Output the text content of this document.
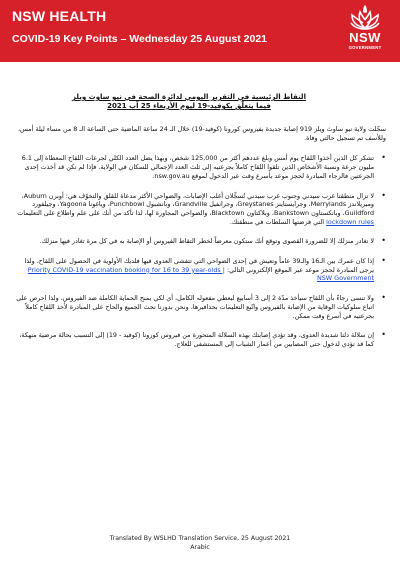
NSW HEALTH
COVID-19 Key Points – Wednesday 25 August 2021	NSW
GOVERNMENT
النقاط الرئيسية في التقرير اليومي لدائرة الصحة في نيو ساوث ويلز
فيما يتعلّق بكوفيد-19 ليوم الأربعاء 25 آب 2021

سجّلت ولاية نيو ساوث ويلز 919 إصابة جديدة بفيروس كورونا (كوفيد-19) خلال الـ 24 ساعة الماضية حتى الساعة الـ 8 من مساء ليلة أمس، وللأسف تم تسجيل حالتي وفاة.

• تشكر كل الذين أخذوا اللقاح يوم أمس وبلغ عددهم أكثر من 125,000 شخص، وبهذا يصل العدد الكلي لجرعات اللقاح المعطاة إلى 6.1 مليون جرعة ونسبة الأشخاص الذين تلقوا اللقاح كاملاً بجرعتيه إلى ثلث العدد الإجمالي للسكان في الولاية. فإذا لم تكن قد أخذت إحدى الجرعتين فالرجاء المبادرة لحجز موعد بأسرع وقت عبر الدخول لموقع nsw.gov.au.
• لا تزال منطقتا غرب سيدني وجنوب غرب سيدني تُسجِّلان أغلب الإصابات، والضواحي الأكثر مدعاة للقلق والتخوّف هي: أوبرن Auburn، وميريلاندز Merrylands، وجرايستاينز Greystanes، وجرانفيل Grandville، وبانشبول Punchbowl، وياغونا Yagoona، وجيلفورد Guildford، وبانكستاون Bankstown، وبلاكتاون Blacktown، والضواحي المجاورة لها، لذا تأكد من أنك على علم واطلاع على التعليمات lockdown rules التي فرضتها السلطات في منطقتك.
• لا تغادر منزلك إلا للضرورة القصوى وتوقع أنك ستكون معرضاً لخطر التقاط الفيروس أو الإصابة به في كل مرة تغادر فيها منزلك.
• إذا كان عمرك بين الـ16 والـ39 عاماً وتعيش في إحدى الضواحي التي تتفشى العدوى فيها فلديك الأولوية في الحصول على اللقاح، ولذا يرجى المبادرة لحجز موعد عبر الموقع الإلكتروني التالي: Priority COVID-19 vaccination booking for 16 to 39 year-olds | NSW Government
• ولا تنسى رجاءً بأن اللقاح سيأخذ مدّة 2 إلى 3 أسابيع ليعطي مفعوله الكامل، أي لكي يمنح الحماية الكاملة ضد الفيروس، ولذا احرص على اتباع سلوكيات الوقاية من الإصابة بالفيروس واتّبع التعليمات بحذافيرها، ونحن بدورنا نحث الجميع والحاح على المبادرة لأخذ اللقاح كاملاً بجرعتيه في أسرع وقت ممكن.
• إن سلالة دلتا شديدة العدوى، وقد تؤدي إصابتك بهذه السلالة المتحورة من فيروس كورونا (كوفيد - 19) إلى التسبب بحالة مرضية منهكة، كما قد تؤدي لدخول حتى المصابين من أعمار الشباب إلى المستشفى للعلاج.
Translated By WSLHD Translation Service, 25 August 2021
Arabic
